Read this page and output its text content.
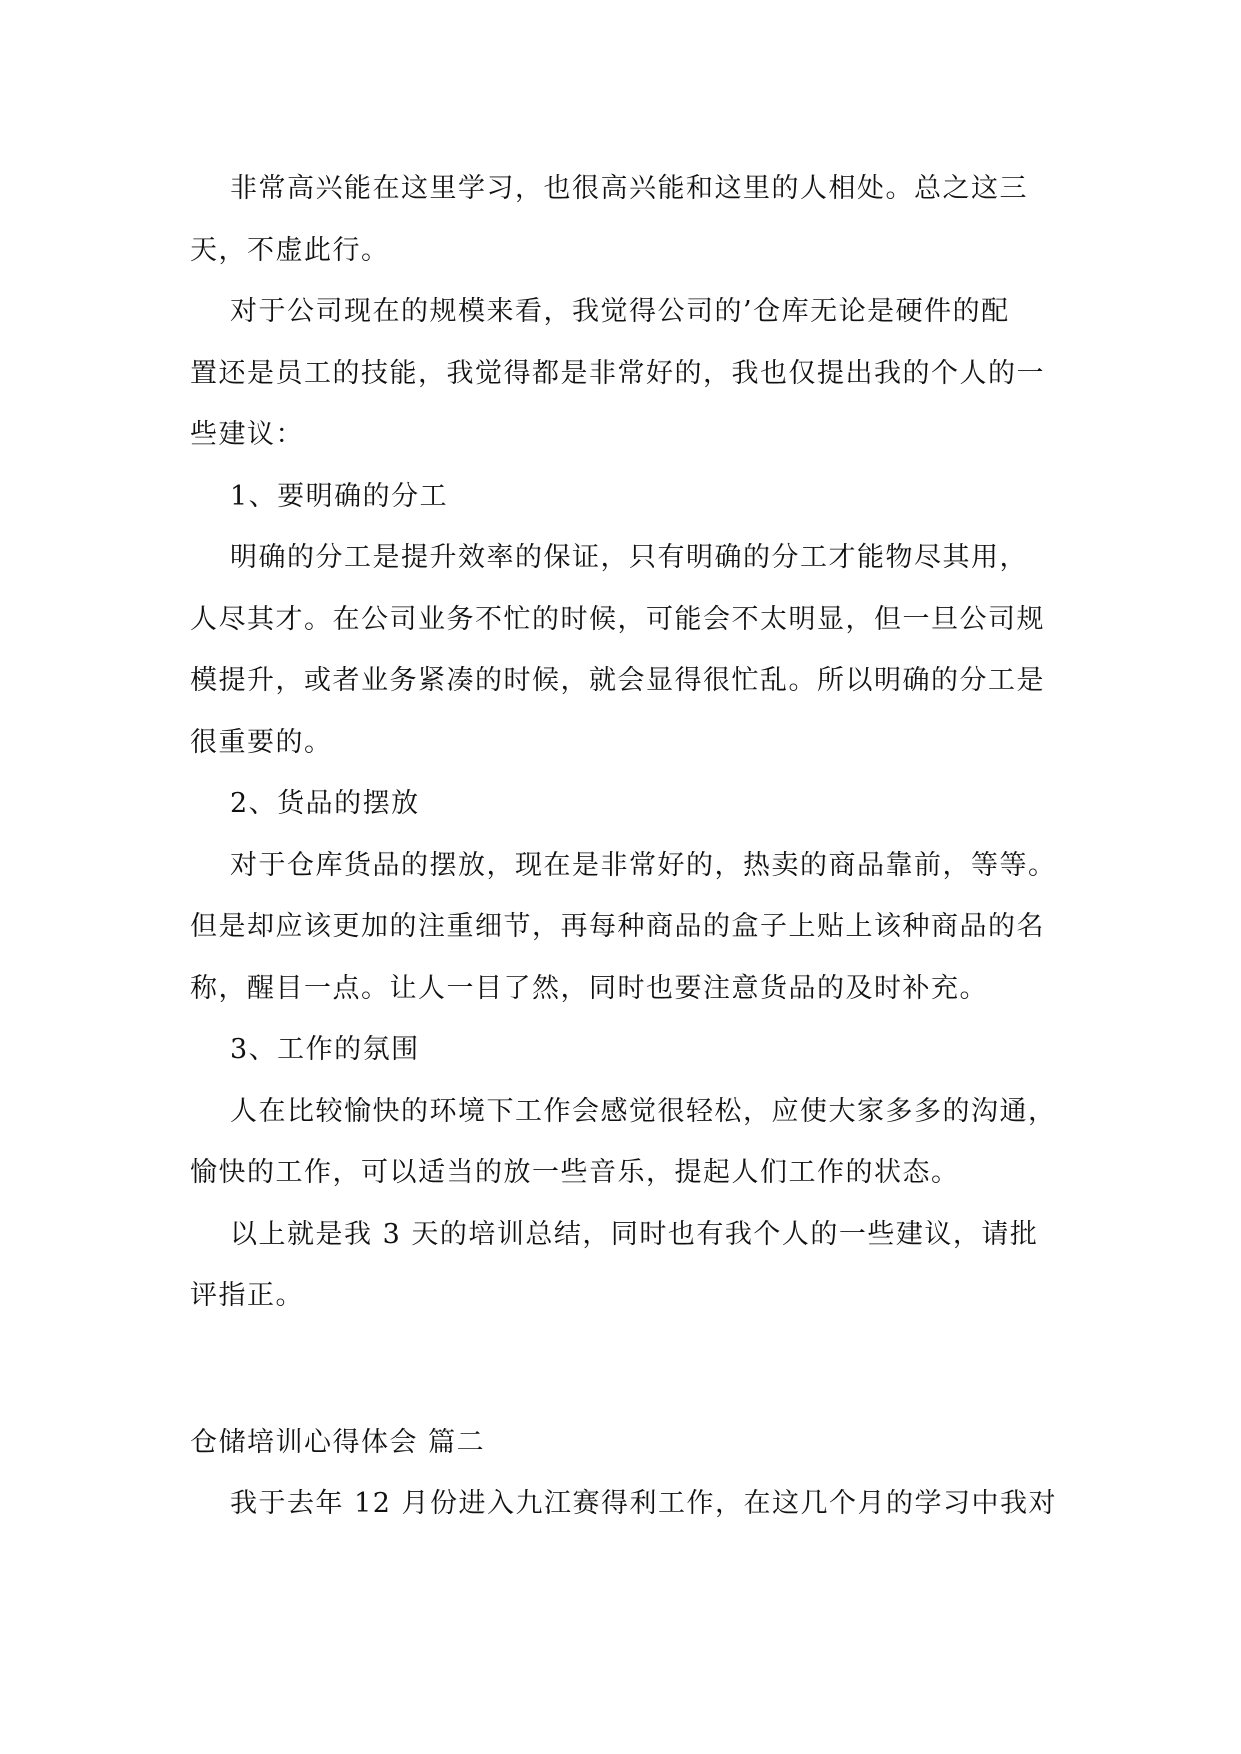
非常高兴能在这里学习，也很高兴能和这里的人相处。总之这三
天，不虚此行。
对于公司现在的规模来看，我觉得公司的’仓库无论是硬件的配
置还是员工的技能，我觉得都是非常好的，我也仅提出我的个人的一
些建议：
1、要明确的分工
明确的分工是提升效率的保证，只有明确的分工才能物尽其用，
人尽其才。在公司业务不忙的时候，可能会不太明显，但一旦公司规
模提升，或者业务紧凑的时候，就会显得很忙乱。所以明确的分工是
很重要的。
2、货品的摆放
对于仓库货品的摆放，现在是非常好的，热卖的商品靠前，等等。
但是却应该更加的注重细节，再每种商品的盒子上贴上该种商品的名
称，醒目一点。让人一目了然，同时也要注意货品的及时补充。
3、工作的氛围
人在比较愉快的环境下工作会感觉很轻松，应使大家多多的沟通，
愉快的工作，可以适当的放一些音乐，提起人们工作的状态。
以上就是我 3 天的培训总结，同时也有我个人的一些建议，请批
评指正。
仓储培训心得体会 篇二
我于去年 12 月份进入九江赛得利工作，在这几个月的学习中我对
